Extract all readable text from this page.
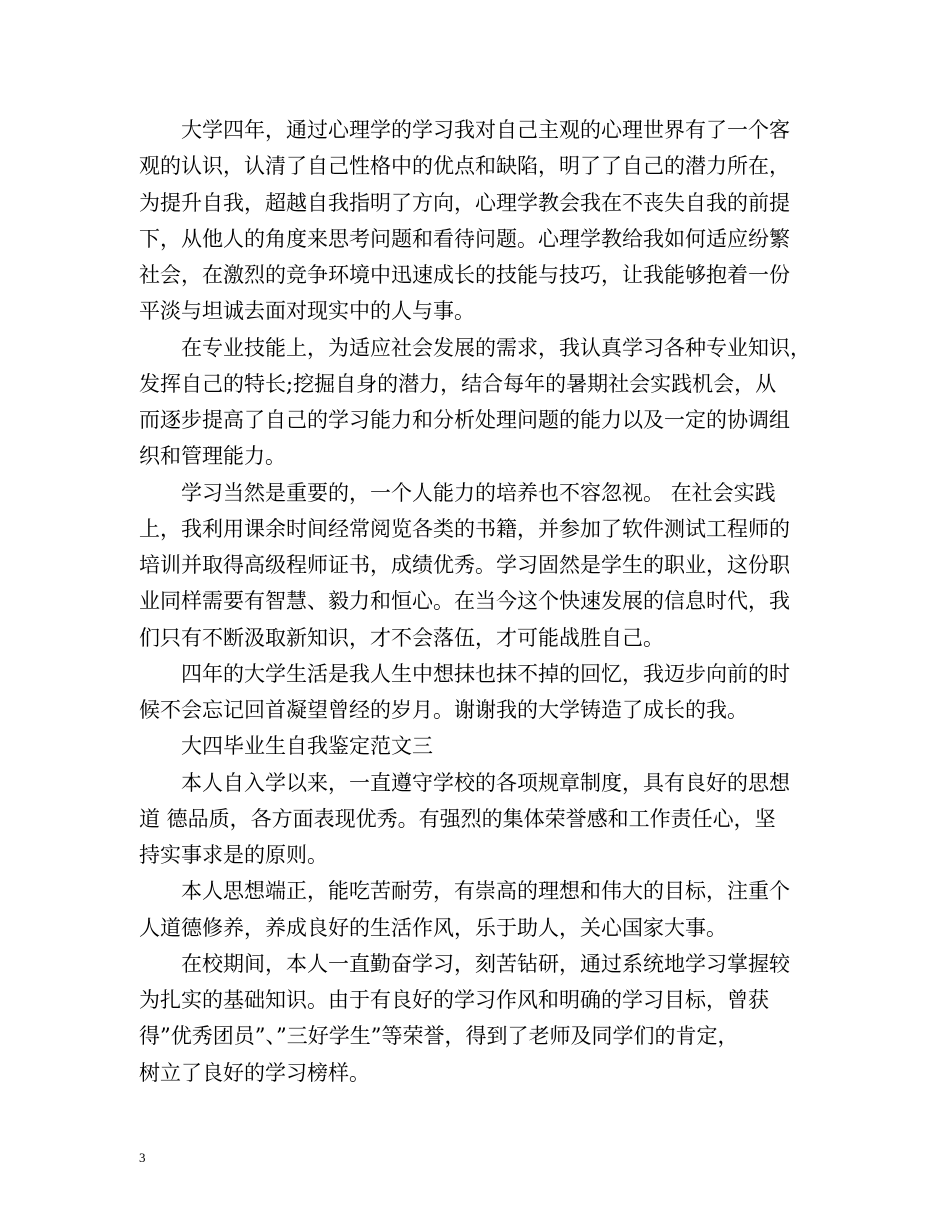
大学四年，通过心理学的学习我对自己主观的心理世界有了一个客
观的认识，认清了自己性格中的优点和缺陷，明了了自己的潜力所在，
为提升自我，超越自我指明了方向，心理学教会我在不丧失自我的前提
下，从他人的角度来思考问题和看待问题。心理学教给我如何适应纷繁
社会，在激烈的竞争环境中迅速成长的技能与技巧，让我能够抱着一份
平淡与坦诚去面对现实中的人与事。
在专业技能上，为适应社会发展的需求，我认真学习各种专业知识，
发挥自己的特长;挖掘自身的潜力，结合每年的暑期社会实践机会，从
而逐步提高了自己的学习能力和分析处理问题的能力以及一定的协调组
织和管理能力。
学习当然是重要的，一个人能力的培养也不容忽视。 在社会实践
上，我利用课余时间经常阅览各类的书籍，并参加了软件测试工程师的
培训并取得高级程师证书，成绩优秀。学习固然是学生的职业，这份职
业同样需要有智慧、毅力和恒心。在当今这个快速发展的信息时代，我
们只有不断汲取新知识，才不会落伍，才可能战胜自己。
四年的大学生活是我人生中想抹也抹不掉的回忆，我迈步向前的时
候不会忘记回首凝望曾经的岁月。谢谢我的大学铸造了成长的我。
大四毕业生自我鉴定范文三
本人自入学以来，一直遵守学校的各项规章制度，具有良好的思想
道 德品质，各方面表现优秀。有强烈的集体荣誉感和工作责任心，坚
持实事求是的原则。
本人思想端正，能吃苦耐劳，有崇高的理想和伟大的目标，注重个
人道德修养，养成良好的生活作风，乐于助人，关心国家大事。
在校期间，本人一直勤奋学习，刻苦钻研，通过系统地学习掌握较
为扎实的基础知识。由于有良好的学习作风和明确的学习目标，曾获
得”优秀团员”、”三好学生”等荣誉，得到了老师及同学们的肯定，
树立了良好的学习榜样。
3
